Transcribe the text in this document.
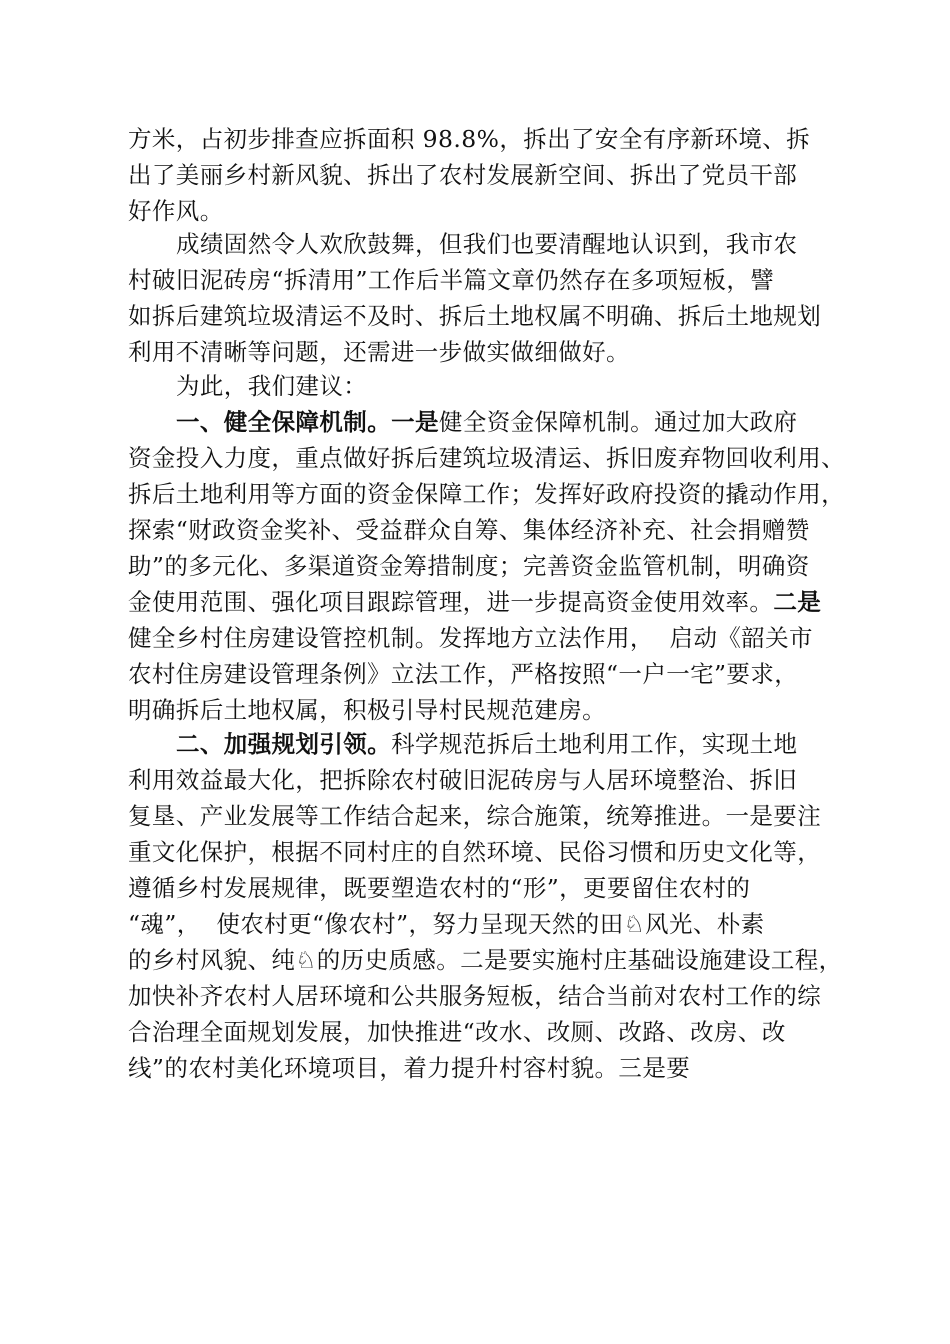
方米，占初步排查应拆面积 98.8%，拆出了安全有序新环境、拆
出了美丽乡村新风貌、拆出了农村发展新空间、拆出了党员干部
好作风。
成绩固然令人欢欣鼓舞，但我们也要清醒地认识到，我市农
村破旧泥砖房“拆清用”工作后半篇文章仍然存在多项短板，譬
如拆后建筑垃圾清运不及时、拆后土地权属不明确、拆后土地规划
利用不清晰等问题，还需进一步做实做细做好。
为此，我们建议：
一、健全保障机制。一是健全资金保障机制。通过加大政府
资金投入力度，重点做好拆后建筑垃圾清运、拆旧废弃物回收利用、
拆后土地利用等方面的资金保障工作；发挥好政府投资的撬动作用，
探索“财政资金奖补、受益群众自筹、集体经济补充、社会捐赠赞
助”的多元化、多渠道资金筹措制度；完善资金监管机制，明确资
金使用范围、强化项目跟踪管理，进一步提高资金使用效率。二是
健全乡村住房建设管控机制。发挥地方立法作用，  启动《韶关市
农村住房建设管理条例》立法工作，严格按照“一户一宅”要求，
明确拆后土地权属，积极引导村民规范建房。
二、加强规划引领。科学规范拆后土地利用工作，实现土地
利用效益最大化，把拆除农村破旧泥砖房与人居环境整治、拆旧
复垦、产业发展等工作结合起来，综合施策，统筹推进。一是要注
重文化保护，根据不同村庄的自然环境、民俗习惯和历史文化等，
遵循乡村发展规律，既要塑造农村的“形”，更要留住农村的
“魂”，  使农村更“像农村”，努力呈现天然的田♘风光、朴素
的乡村风貌、纯♘的历史质感。二是要实施村庄基础设施建设工程，
加快补齐农村人居环境和公共服务短板，结合当前对农村工作的综
合治理全面规划发展，加快推进“改水、改厕、改路、改房、改
线”的农村美化环境项目，着力提升村容村貌。三是要
